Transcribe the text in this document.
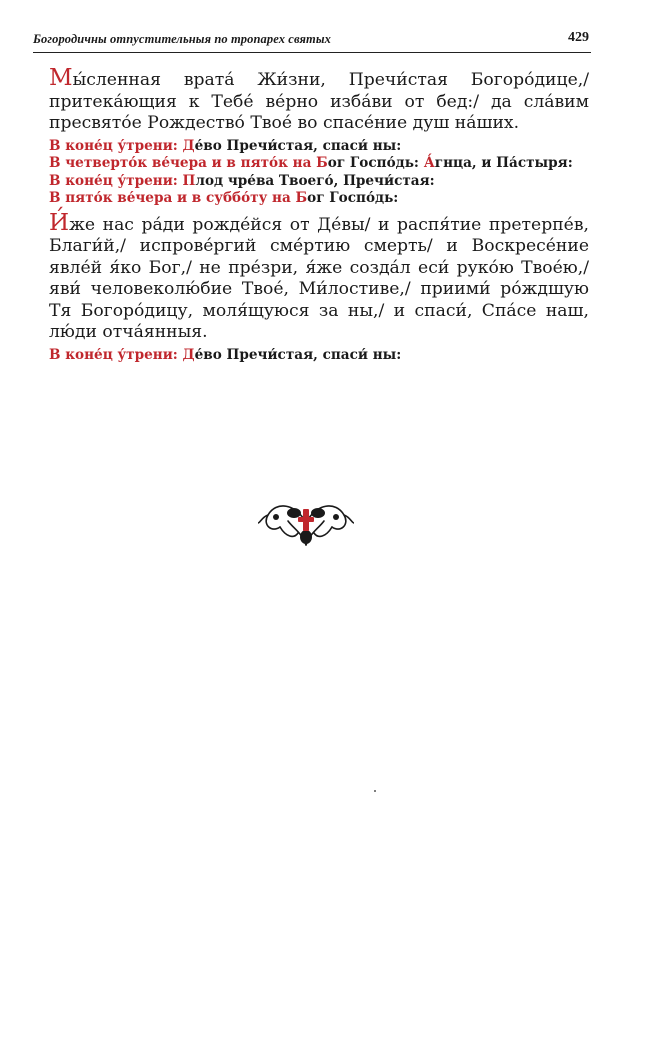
Богородичны отпустительныя по тропарех святых	429

Мы́сленная врата́ Жи́зни, Пречи́стая Богоро́дице,/ притека́ющия к Тебе́ ве́рно изба́ви от бед:/ да сла́вим пресвято́е Рождество́ Твое́ во спасе́ние душ на́ших.

В коне́ц у́трени: Де́во Пречи́стая, спаси́ ны:

В четверто́к ве́чера и в пято́к на Бог Госпо́дь: А́гнца, и Па́стыря:

В коне́ц у́трени: Плод чре́ва Твоего́, Пречи́стая:

В пято́к ве́чера и в суббо́ту на Бог Госпо́дь:

И́же нас ра́ди рожде́йся от Де́вы/ и распя́тие претерпе́в, Благи́й,/ испрове́ргий сме́ртию смерть/ и Воскресе́ние явле́й я́ко Бог,/ не пре́зри, я́же созда́л еси́ руко́ю Твое́ю,/ яви́ человеколю́бие Твое́, Ми́лостиве,/ приими́ ро́ждшую Тя Богоро́дицу, моля́щуюся за ны,/ и спаси́, Спа́се наш, лю́ди отча́янныя.

В коне́ц у́трени: Де́во Пречи́стая, спаси́ ны:
